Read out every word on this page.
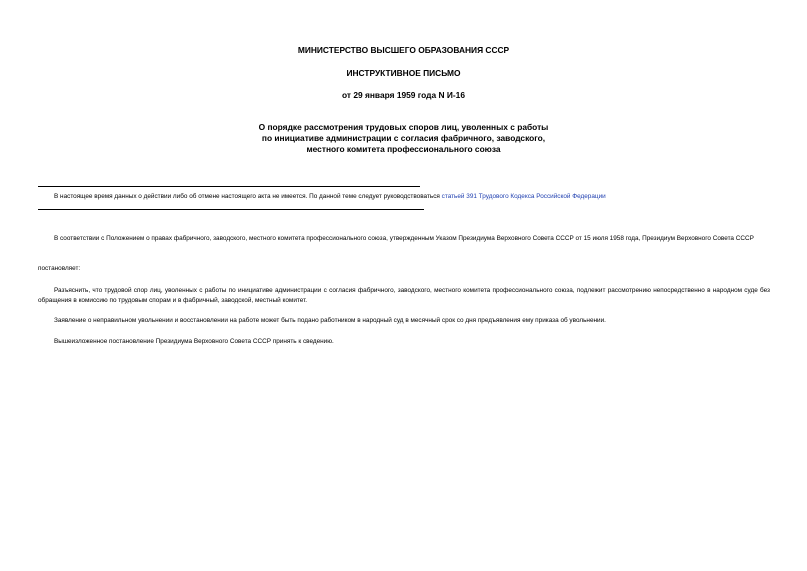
МИНИСТЕРСТВО ВЫСШЕГО ОБРАЗОВАНИЯ СССР
ИНСТРУКТИВНОЕ ПИСЬМО
от 29 января 1959 года N И-16
О порядке рассмотрения трудовых споров лиц, уволенных с работы
по инициативе администрации с согласия фабричного, заводского,
местного комитета профессионального союза
В настоящее время данных о действии либо об отмене настоящего акта не имеется. По данной теме следует руководствоваться статьей 391 Трудового Кодекса Российской Федерации
В соответствии с Положением о правах фабричного, заводского, местного комитета профессионального союза, утвержденным Указом Президиума Верховного Совета СССР от 15 июля 1958 года, Президиум Верховного Совета СССР
постановляет:
Разъяснить, что трудовой спор лиц, уволенных с работы по инициативе администрации с согласия фабричного, заводского, местного комитета профессионального союза, подлежит рассмотрению непосредственно в народном суде без обращения в комиссию по трудовым спорам и в фабричный, заводской, местный комитет.
Заявление о неправильном увольнении и восстановлении на работе может быть подано работником в народный суд в месячный срок со дня предъявления ему приказа об увольнении.
Вышеизложенное постановление Президиума Верховного Совета СССР принять к сведению.
